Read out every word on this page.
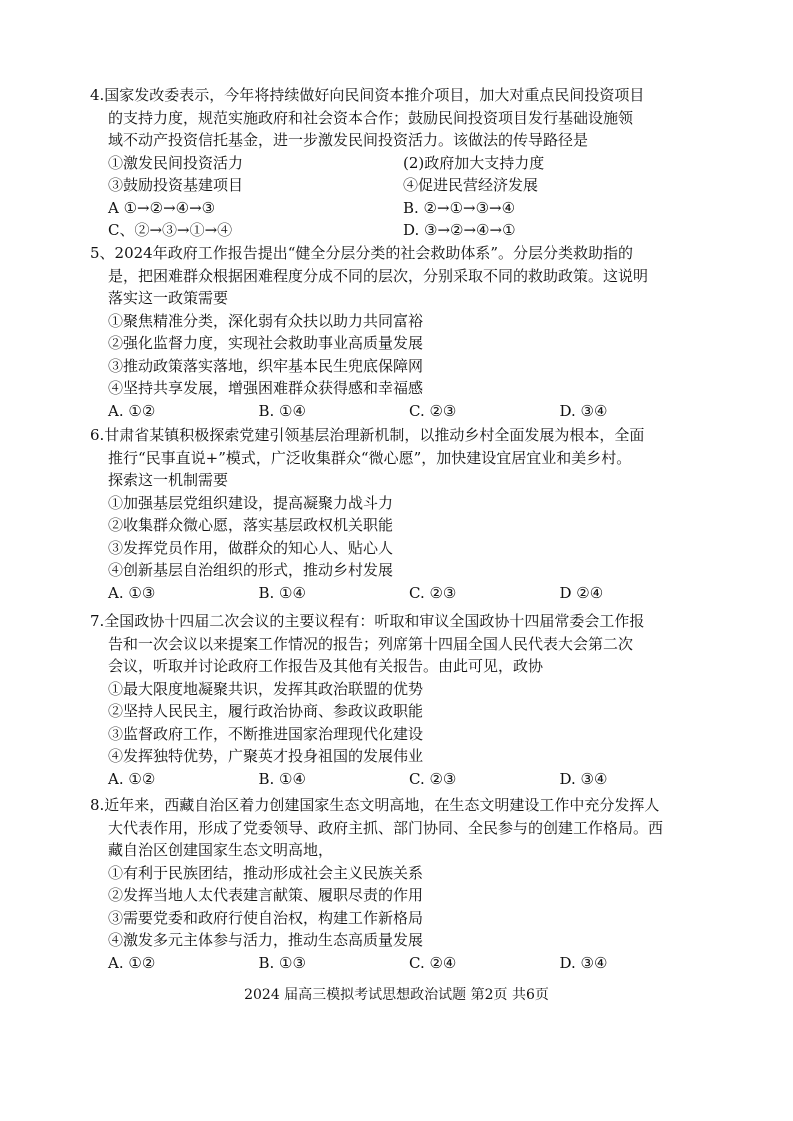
4.国家发改委表示，今年将持续做好向民间资本推介项目，加大对重点民间投资项目
的支持力度，规范实施政府和社会资本合作；鼓励民间投资项目发行基础设施领
域不动产投资信托基金，进一步激发民间投资活力。该做法的传导路径是
①激发民间投资活力	(2)政府加大支持力度
③鼓励投资基建项目	④促进民营经济发展
A ①→②→④→③	B. ②→①→③→④
C、②→③→①→④	D. ③→②→④→①
5、2024年政府工作报告提出“健全分层分类的社会救助体系”。分层分类救助指的
是，把困难群众根据困难程度分成不同的层次，分别采取不同的救助政策。这说明
落实这一政策需要
①聚焦精准分类，深化弱有众扶以助力共同富裕
②强化监督力度，实现社会救助事业高质量发展
③推动政策落实落地，织牢基本民生兜底保障网
④坚持共享发展，增强困难群众获得感和幸福感
A. ①②	B. ①④	C. ②③	D. ③④
6.甘肃省某镇积极探索党建引领基层治理新机制，以推动乡村全面发展为根本，全面
推行“民事直说+”模式，广泛收集群众“微心愿”，加快建设宜居宜业和美乡村。
探索这一机制需要
①加强基层党组织建设，提高凝聚力战斗力
②收集群众微心愿，落实基层政权机关职能
③发挥党员作用，做群众的知心人、贴心人
④创新基层自治组织的形式，推动乡村发展
A. ①③	B. ①④	C. ②③	D ②④
7.全国政协十四届二次会议的主要议程有：听取和审议全国政协十四届常委会工作报
告和一次会议以来提案工作情况的报告；列席第十四届全国人民代表大会第二次
会议，听取并讨论政府工作报告及其他有关报告。由此可见，政协
①最大限度地凝聚共识，发挥其政治联盟的优势
②坚持人民民主，履行政治协商、参政议政职能
③监督政府工作，不断推进国家治理现代化建设
④发挥独特优势，广聚英才投身祖国的发展伟业
A. ①②	B. ①④	C. ②③	D. ③④
8.近年来，西藏自治区着力创建国家生态文明高地，在生态文明建设工作中充分发挥人
大代表作用，形成了党委领导、政府主抓、部门协同、全民参与的创建工作格局。西
藏自治区创建国家生态文明高地，
①有利于民族团结，推动形成社会主义民族关系
②发挥当地人太代表建言献策、履职尽责的作用
③需要党委和政府行使自治权，构建工作新格局
④激发多元主体参与活力，推动生态高质量发展
A. ①②	B. ①③	C. ②④	D. ③④
2024 届高三模拟考试思想政治试题 第2页 共6页
